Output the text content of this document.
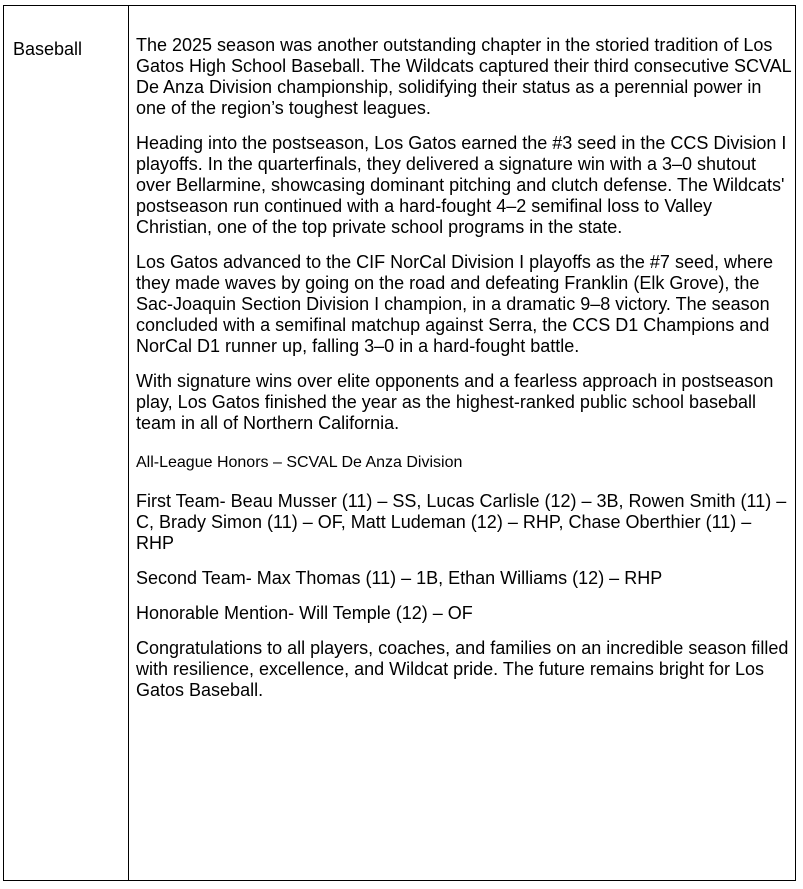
Baseball	The 2025 season was another outstanding chapter in the storied tradition of Los Gatos High School Baseball. The Wildcats captured their third consecutive SCVAL De Anza Division championship, solidifying their status as a perennial power in one of the region’s toughest leagues.

Heading into the postseason, Los Gatos earned the #3 seed in the CCS Division I playoffs. In the quarterfinals, they delivered a signature win with a 3–0 shutout over Bellarmine, showcasing dominant pitching and clutch defense. The Wildcats' postseason run continued with a hard-fought 4–2 semifinal loss to Valley Christian, one of the top private school programs in the state.

Los Gatos advanced to the CIF NorCal Division I playoffs as the #7 seed, where they made waves by going on the road and defeating Franklin (Elk Grove), the Sac-Joaquin Section Division I champion, in a dramatic 9–8 victory. The season concluded with a semifinal matchup against Serra, the CCS D1 Champions and NorCal D1 runner up, falling 3–0 in a hard-fought battle.

With signature wins over elite opponents and a fearless approach in postseason play, Los Gatos finished the year as the highest-ranked public school baseball team in all of Northern California.

All-League Honors – SCVAL De Anza Division

First Team- Beau Musser (11) – SS, Lucas Carlisle (12) – 3B, Rowen Smith (11) – C, Brady Simon (11) – OF, Matt Ludeman (12) – RHP, Chase Oberthier (11) – RHP

Second Team- Max Thomas (11) – 1B, Ethan Williams (12) – RHP

Honorable Mention- Will Temple (12) – OF

Congratulations to all players, coaches, and families on an incredible season filled with resilience, excellence, and Wildcat pride. The future remains bright for Los Gatos Baseball.
